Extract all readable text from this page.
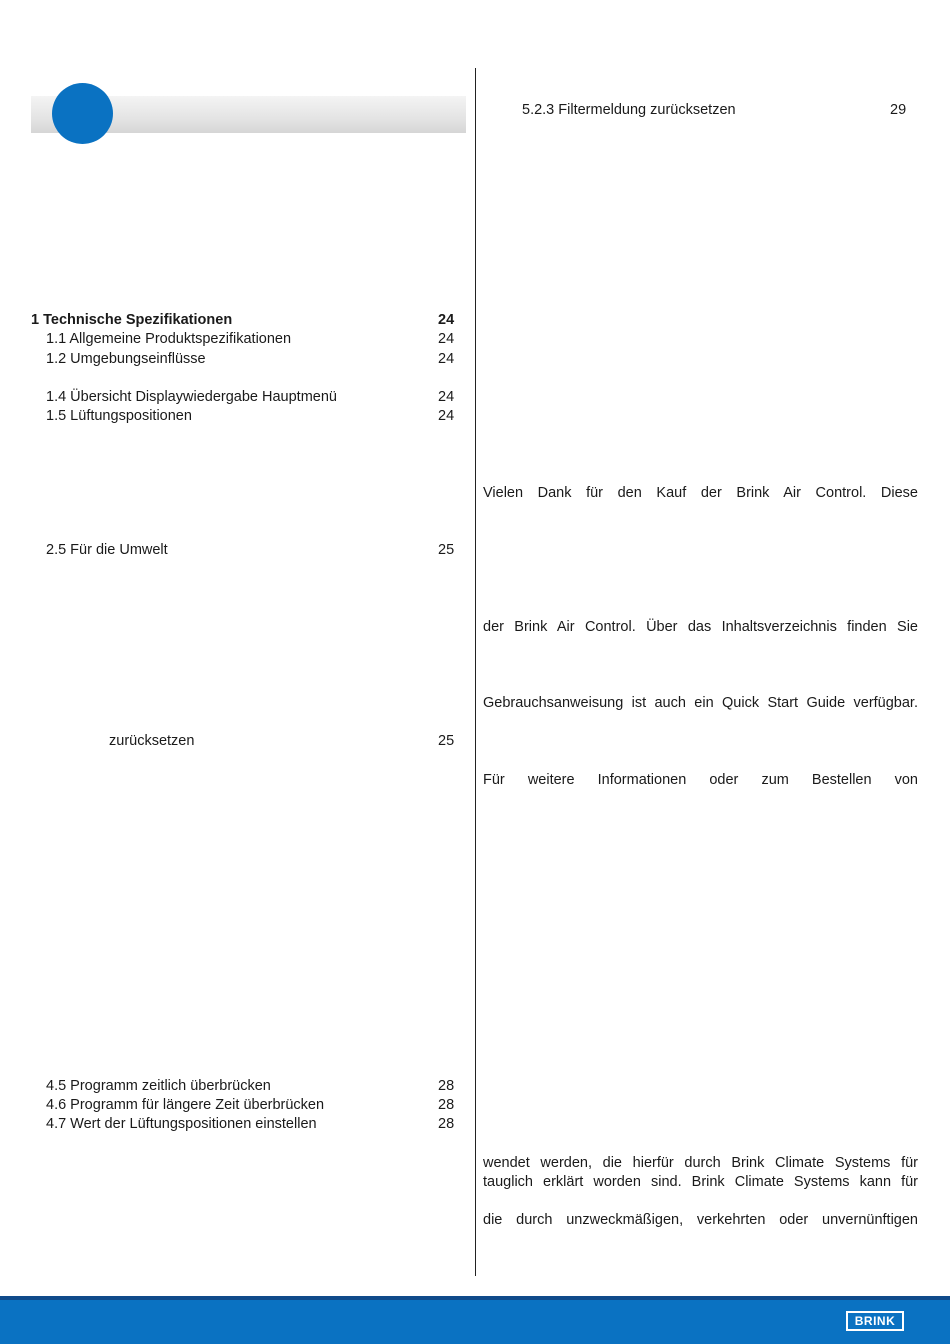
1 Technische Spezifikationen	24
1.1 Allgemeine Produktspezifikationen	24
1.2 Umgebungseinflüsse	24
1.4 Übersicht Displaywiedergabe Hauptmenü	24
1.5 Lüftungspositionen	24
2.5 Für die Umwelt	25
zurücksetzen	25
4.5 Programm zeitlich überbrücken	28
4.6 Programm für längere Zeit überbrücken	28
4.7 Wert der Lüftungspositionen einstellen	28
5.2.3 Filtermeldung zurücksetzen	29
Vielen Dank für den Kauf der Brink Air Control. Diese
der Brink Air Control. Über das Inhaltsverzeichnis finden Sie
Gebrauchsanweisung ist auch ein Quick Start Guide verfügbar.
Für weitere Informationen oder zum Bestellen von
wendet werden, die hierfür durch Brink Climate Systems für
tauglich erklärt worden sind. Brink Climate Systems kann für
die durch unzweckmäßigen, verkehrten oder unvernünftigen
BRINK
